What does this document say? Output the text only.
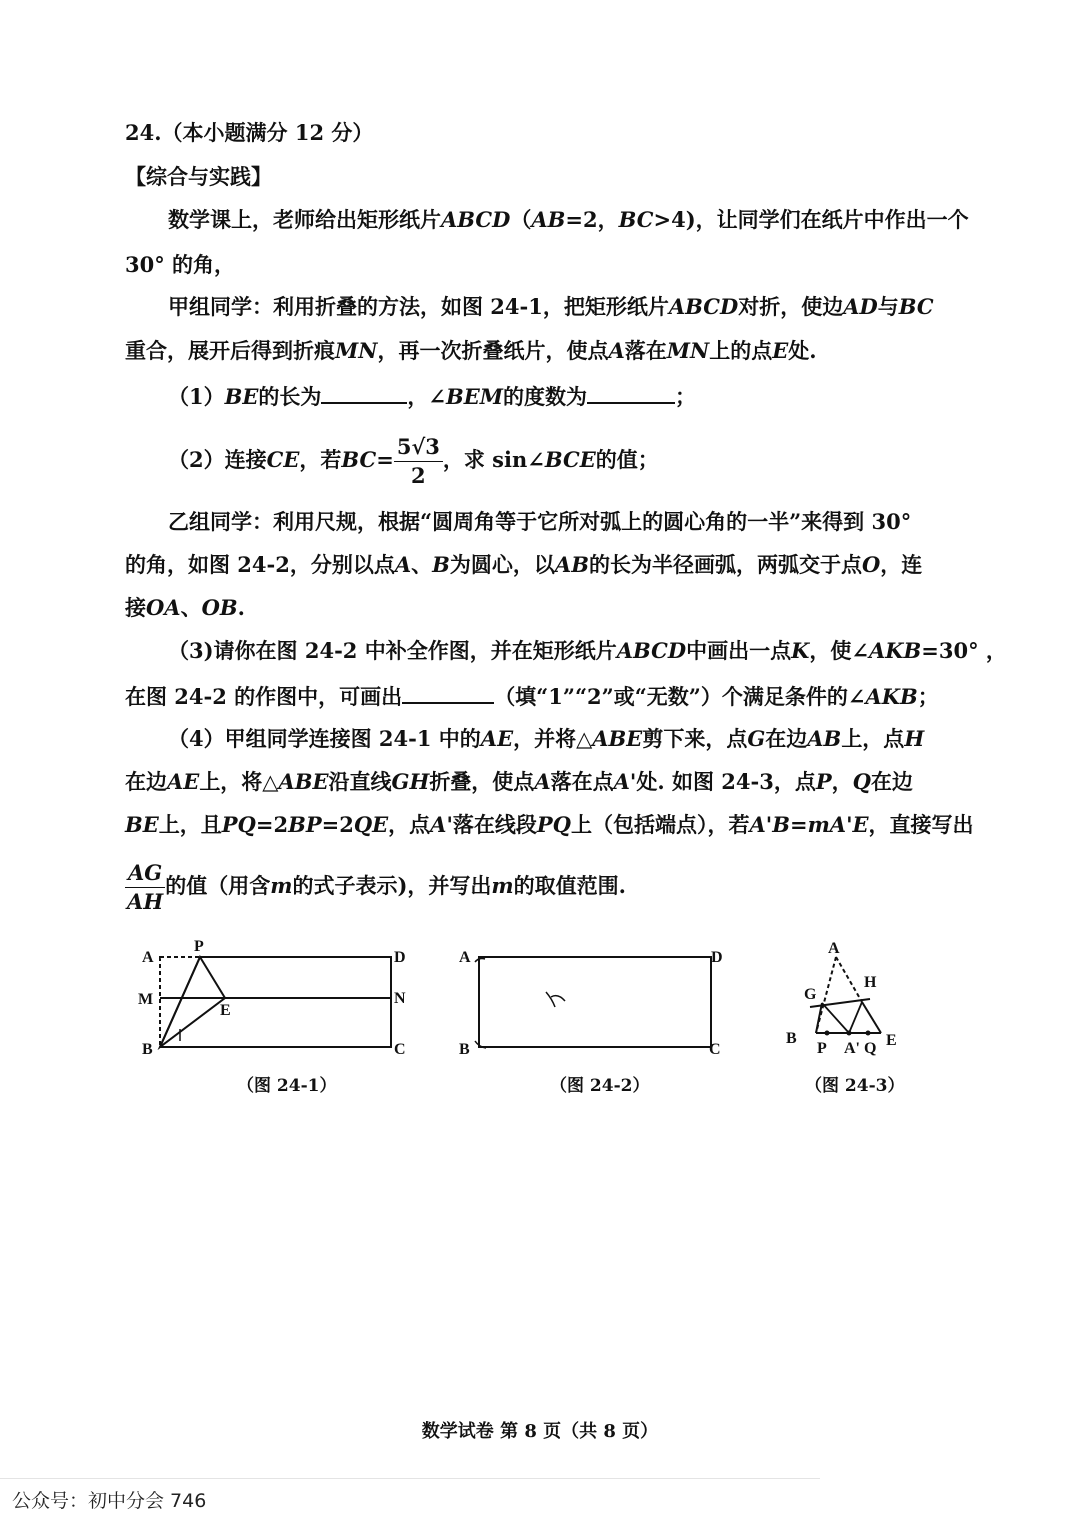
24.（本小题满分 12 分）
【综合与实践】
数学课上，老师给出矩形纸片ABCD（AB=2，BC>4)，让同学们在纸片中作出一个
30° 的角，
甲组同学：利用折叠的方法，如图 24-1，把矩形纸片ABCD对折，使边AD与BC
重合，展开后得到折痕MN，再一次折叠纸片，使点A落在MN上的点E处.
（1）BE的长为	，∠BEM的度数为	；
（2）连接CE，若$BC= \frac{5√3}{2}$ ，求 sin∠BCE的值；
乙组同学：利用尺规，根据“圆周角等于它所对弧上的圆心角的一半”来得到 30°
的角，如图 24-2，分别以点A、B为圆心，以AB的长为半径画弧，两弧交于点O，连
接OA、OB.
（3)请你在图 24-2 中补全作图，并在矩形纸片ABCD中画出一点K，使∠AKB=30° ，
在图 24-2 的作图中，可画出	（填“1”“2”或“无数”）个满足条件的∠AKB；
（4）甲组同学连接图 24-1 中的AE，并将△ABE剪下来，点G在边AB上，点H
在边AE上，将△ABE沿直线GH折叠，使点A落在点A'处. 如图 24-3，点P，Q在边
BE上，且PQ=2BP=2QE，点A'落在线段PQ上（包括端点），若A'B=mA'E，直接写出
$\frac{AG}{AH}$ 的值（用含m的式子表示)，并写出m的取值范围.
A
P
D
M	N
E
B	C
（图 24-1）
A	D
B	C
（图 24-2）
A
G
H
B
P A' Q E
（图 24-3）
数学试卷 第 8 页（共 8 页）
公众号：初中分会 746
